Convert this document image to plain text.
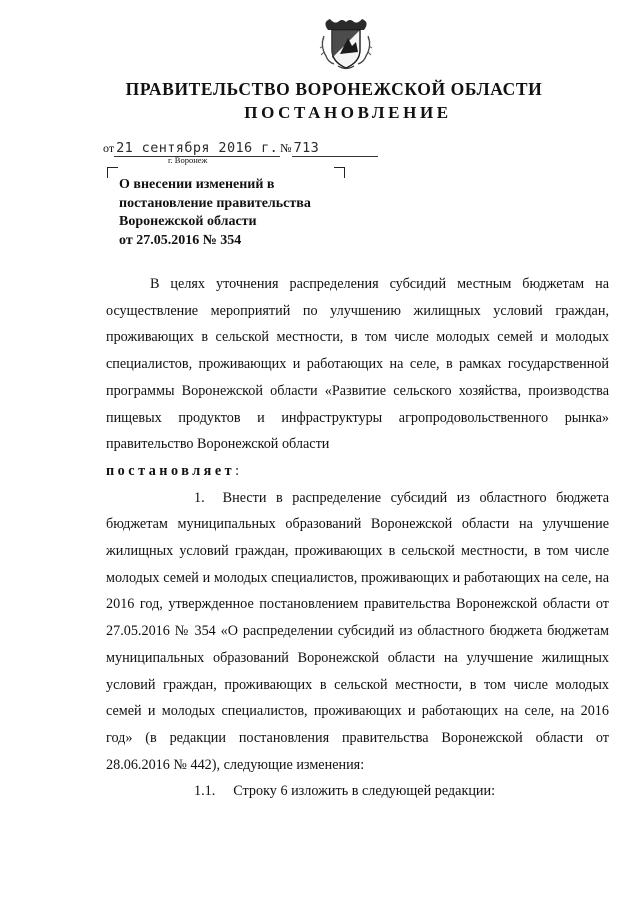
ПРАВИТЕЛЬСТВО ВОРОНЕЖСКОЙ ОБЛАСТИ
ПОСТАНОВЛЕНИЕ
от 21 сентября 2016 г. № 713
г. Воронеж
О внесении изменений в
постановление правительства
Воронежской области
от 27.05.2016 № 354

В целях уточнения распределения субсидий местным бюджетам на осуществление мероприятий по улучшению жилищных условий граждан, проживающих в сельской местности, в том числе молодых семей и молодых специалистов, проживающих и работающих на селе, в рамках государственной программы Воронежской области «Развитие сельского хозяйства, производства пищевых продуктов и инфраструктуры агропродовольственного рынка» правительство Воронежской области

постановляет:

1. Внести в распределение субсидий из областного бюджета бюджетам муниципальных образований Воронежской области на улучшение жилищных условий граждан, проживающих в сельской местности, в том числе молодых семей и молодых специалистов, проживающих и работающих на селе, на 2016 год, утвержденное постановлением правительства Воронежской области от 27.05.2016 № 354 «О распределении субсидий из областного бюджета бюджетам муниципальных образований Воронежской области на улучшение жилищных условий граждан, проживающих в сельской местности, в том числе молодых семей и молодых специалистов, проживающих и работающих на селе, на 2016 год» (в редакции постановления правительства Воронежской области от 28.06.2016 № 442), следующие изменения:

1.1. Строку 6 изложить в следующей редакции:
